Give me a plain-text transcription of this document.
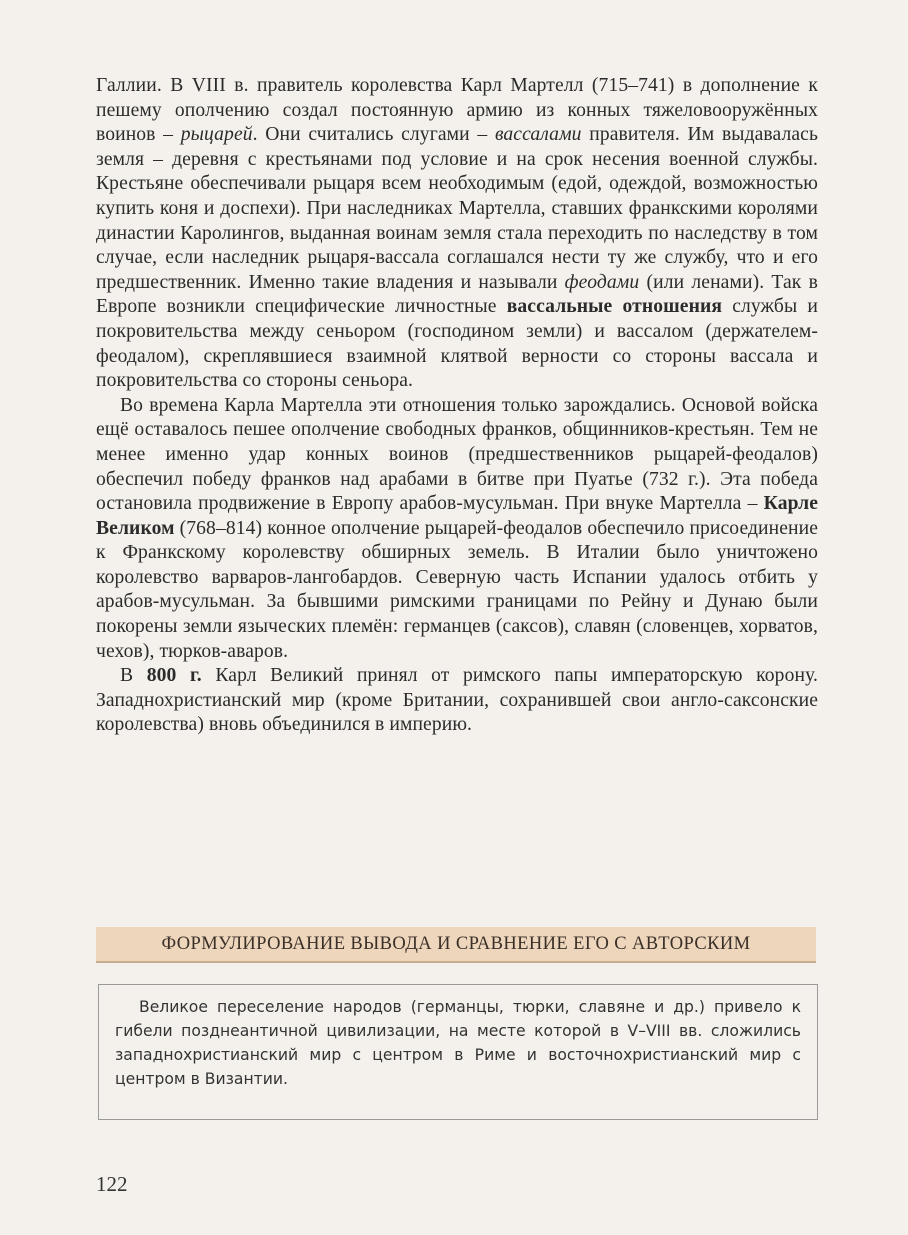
Галлии. В VIII в. правитель королевства Карл Мартелл (715–741) в дополнение к пешему ополчению создал постоянную армию из конных тяжеловооружённых воинов – рыцарей. Они считались слугами – вассалами правителя. Им выдавалась земля – деревня с крестьянами под условие и на срок несения военной службы. Крестьяне обеспечивали рыцаря всем необходимым (едой, одеждой, возможностью купить коня и доспехи). При наследниках Мартелла, ставших франкскими королями династии Каролингов, выданная воинам земля стала переходить по наследству в том случае, если наследник рыцаря-вассала соглашался нести ту же службу, что и его предшественник. Именно такие владения и называли феодами (или ленами). Так в Европе возникли специфические личностные вассальные отношения службы и покровительства между сеньором (господином земли) и вассалом (держателем-феодалом), скреплявшиеся взаимной клятвой верности со стороны вассала и покровительства со стороны сеньора.

Во времена Карла Мартелла эти отношения только зарождались. Основой войска ещё оставалось пешее ополчение свободных франков, общинников-крестьян. Тем не менее именно удар конных воинов (предшественников рыцарей-феодалов) обеспечил победу франков над арабами в битве при Пуатье (732 г.). Эта победа остановила продвижение в Европу арабов-мусульман. При внуке Мартелла – Карле Великом (768–814) конное ополчение рыцарей-феодалов обеспечило присоединение к Франкскому королевству обширных земель. В Италии было уничтожено королевство варваров-лангобардов. Северную часть Испании удалось отбить у арабов-мусульман. За бывшими римскими границами по Рейну и Дунаю были покорены земли языческих племён: германцев (саксов), славян (словенцев, хорватов, чехов), тюрков-аваров.

В 800 г. Карл Великий принял от римского папы императорскую корону. Западнохристианский мир (кроме Британии, сохранившей свои англо-саксонские королевства) вновь объединился в империю.

ФОРМУЛИРОВАНИЕ ВЫВОДА И СРАВНЕНИЕ ЕГО С АВТОРСКИМ

Великое переселение народов (германцы, тюрки, славяне и др.) привело к гибели позднеантичной цивилизации, на месте которой в V–VIII вв. сложились западнохристианский мир с центром в Риме и восточнохристианский мир с центром в Византии.

122
